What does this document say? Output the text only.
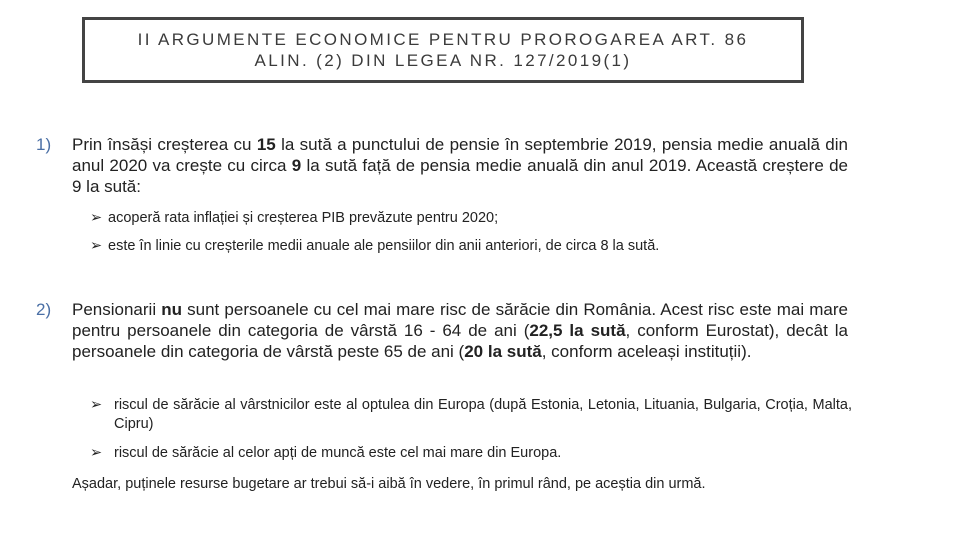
II ARGUMENTE ECONOMICE PENTRU PROROGAREA ART. 86
ALIN. (2) DIN LEGEA NR. 127/2019(1)
1) Prin însăși creșterea cu 15 la sută a punctului de pensie în septembrie 2019, pensia medie anuală din anul 2020 va crește cu circa 9 la sută față de pensia medie anuală din anul 2019. Această creștere de 9 la sută:
➢ acoperă rata inflației și creșterea PIB prevăzute pentru 2020;
➢ este în linie cu creșterile medii anuale ale pensiilor din anii anteriori, de circa 8 la sută.
2) Pensionarii nu sunt persoanele cu cel mai mare risc de sărăcie din România. Acest risc este mai mare pentru persoanele din categoria de vârstă 16 - 64 de ani (22,5 la sută, conform Eurostat), decât la persoanele din categoria de vârstă peste 65 de ani (20 la sută, conform aceleași instituții).
➢ riscul de sărăcie al vârstnicilor este al optulea din Europa (după Estonia, Letonia, Lituania, Bulgaria, Croția, Malta, Cipru)
➢ riscul de sărăcie al celor apți de muncă este cel mai mare din Europa.
Așadar, puținele resurse bugetare ar trebui să-i aibă în vedere, în primul rând, pe aceștia din urmă.
